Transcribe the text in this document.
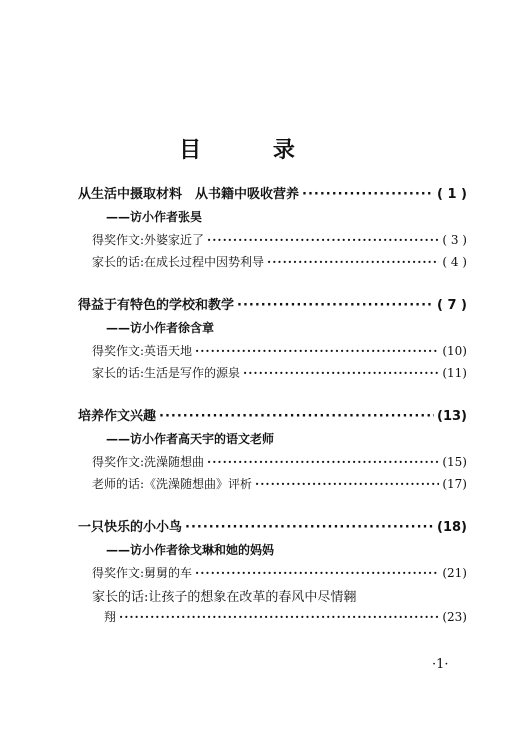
目 录
从生活中摄取材料　从书籍中吸收营养 ·····	( 1 )
——访小作者张昊
得奖作文:外婆家近了 ·····	( 3 )
家长的话:在成长过程中因势利导 ·····	( 4 )
得益于有特色的学校和教学 ·····	( 7 )
——访小作者徐含章
得奖作文:英语天地 ·····	(10)
家长的话:生活是写作的源泉 ·····	(11)
培养作文兴趣 ·····	(13)
——访小作者高天宇的语文老师
得奖作文:洗澡随想曲 ·····	(15)
老师的话:《洗澡随想曲》评析 ·····	(17)
一只快乐的小小鸟 ·····	(18)
——访小作者徐戈琳和她的妈妈
得奖作文:舅舅的车 ·····	(21)
家长的话:让孩子的想象在改革的春风中尽情翱
翔 ·····	(23)
·1·
